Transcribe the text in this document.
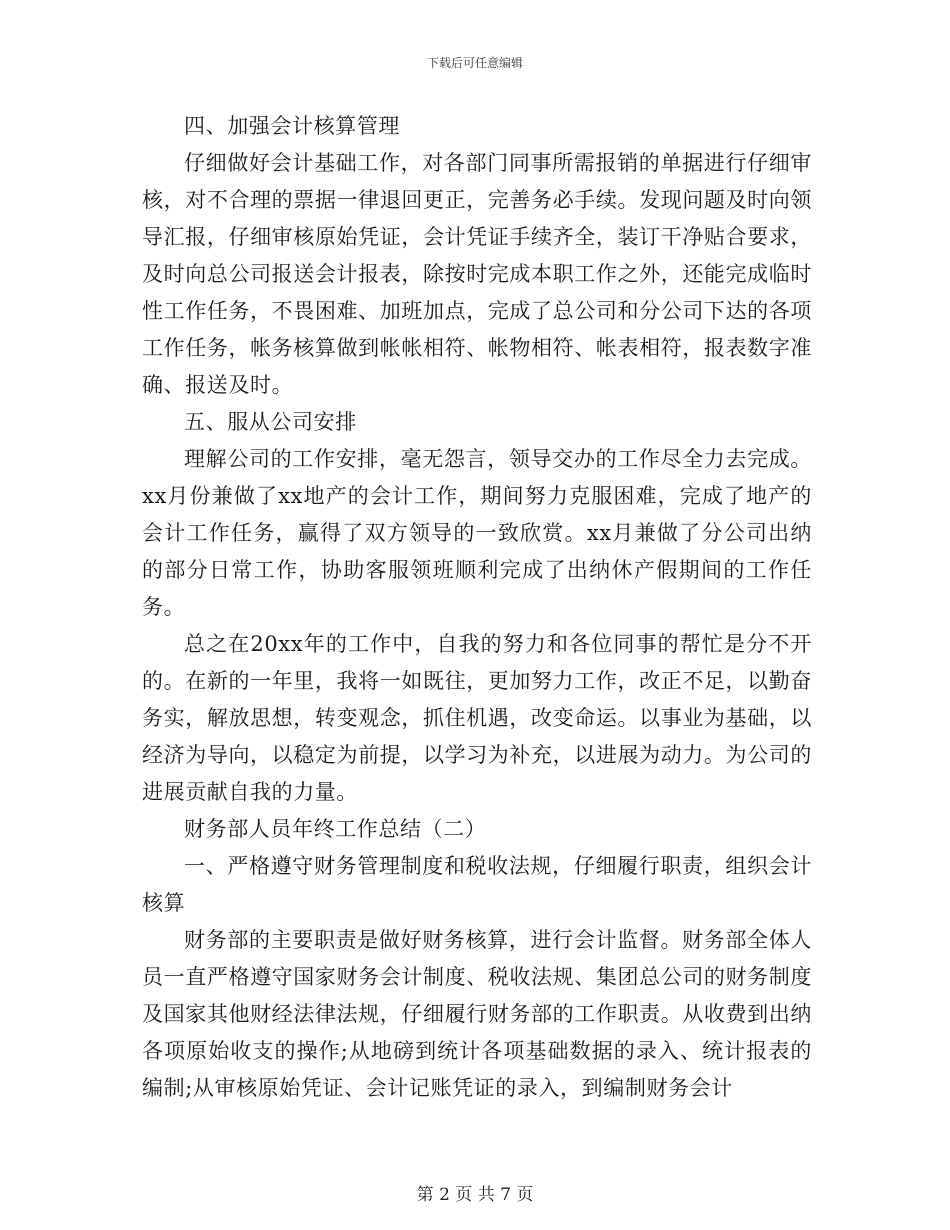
下载后可任意编辑

四、加强会计核算管理

仔细做好会计基础工作，对各部门同事所需报销的单据进行仔细审核，对不合理的票据一律退回更正，完善务必手续。发现问题及时向领导汇报，仔细审核原始凭证，会计凭证手续齐全，装订干净贴合要求，及时向总公司报送会计报表，除按时完成本职工作之外，还能完成临时性工作任务，不畏困难、加班加点，完成了总公司和分公司下达的各项工作任务，帐务核算做到帐帐相符、帐物相符、帐表相符，报表数字准确、报送及时。

五、服从公司安排

理解公司的工作安排，毫无怨言，领导交办的工作尽全力去完成。xx月份兼做了xx地产的会计工作，期间努力克服困难，完成了地产的会计工作任务，赢得了双方领导的一致欣赏。xx月兼做了分公司出纳的部分日常工作，协助客服领班顺利完成了出纳休产假期间的工作任务。

总之在20xx年的工作中，自我的努力和各位同事的帮忙是分不开的。在新的一年里，我将一如既往，更加努力工作，改正不足，以勤奋务实，解放思想，转变观念，抓住机遇，改变命运。以事业为基础，以经济为导向，以稳定为前提，以学习为补充，以进展为动力。为公司的进展贡献自我的力量。

财务部人员年终工作总结（二）

一、严格遵守财务管理制度和税收法规，仔细履行职责，组织会计核算

财务部的主要职责是做好财务核算，进行会计监督。财务部全体人员一直严格遵守国家财务会计制度、税收法规、集团总公司的财务制度及国家其他财经法律法规，仔细履行财务部的工作职责。从收费到出纳各项原始收支的操作;从地磅到统计各项基础数据的录入、统计报表的编制;从审核原始凭证、会计记账凭证的录入，到编制财务会计

第 2 页 共 7 页
